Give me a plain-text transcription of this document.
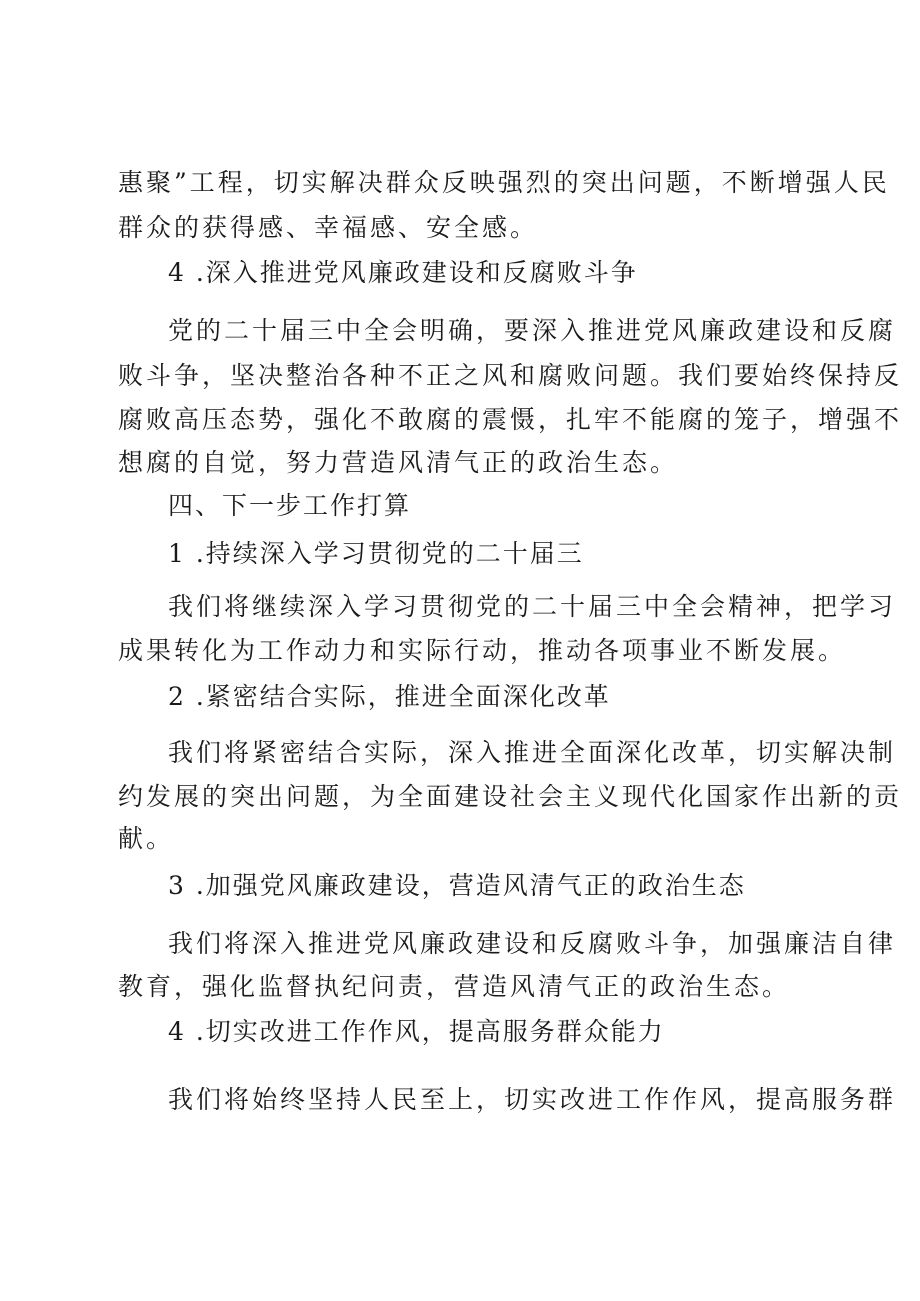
惠聚”工程，切实解决群众反映强烈的突出问题，不断增强人民
群众的获得感、幸福感、安全感。
4 .深入推进党风廉政建设和反腐败斗争
党的二十届三中全会明确，要深入推进党风廉政建设和反腐
败斗争，坚决整治各种不正之风和腐败问题。我们要始终保持反
腐败高压态势，强化不敢腐的震慑，扎牢不能腐的笼子，增强不
想腐的自觉，努力营造风清气正的政治生态。
四、下一步工作打算
1 .持续深入学习贯彻党的二十届三
我们将继续深入学习贯彻党的二十届三中全会精神，把学习
成果转化为工作动力和实际行动，推动各项事业不断发展。
2 .紧密结合实际，推进全面深化改革
我们将紧密结合实际，深入推进全面深化改革，切实解决制
约发展的突出问题，为全面建设社会主义现代化国家作出新的贡
献。
3 .加强党风廉政建设，营造风清气正的政治生态
我们将深入推进党风廉政建设和反腐败斗争，加强廉洁自律
教育，强化监督执纪问责，营造风清气正的政治生态。
4 .切实改进工作作风，提高服务群众能力
我们将始终坚持人民至上，切实改进工作作风，提高服务群
